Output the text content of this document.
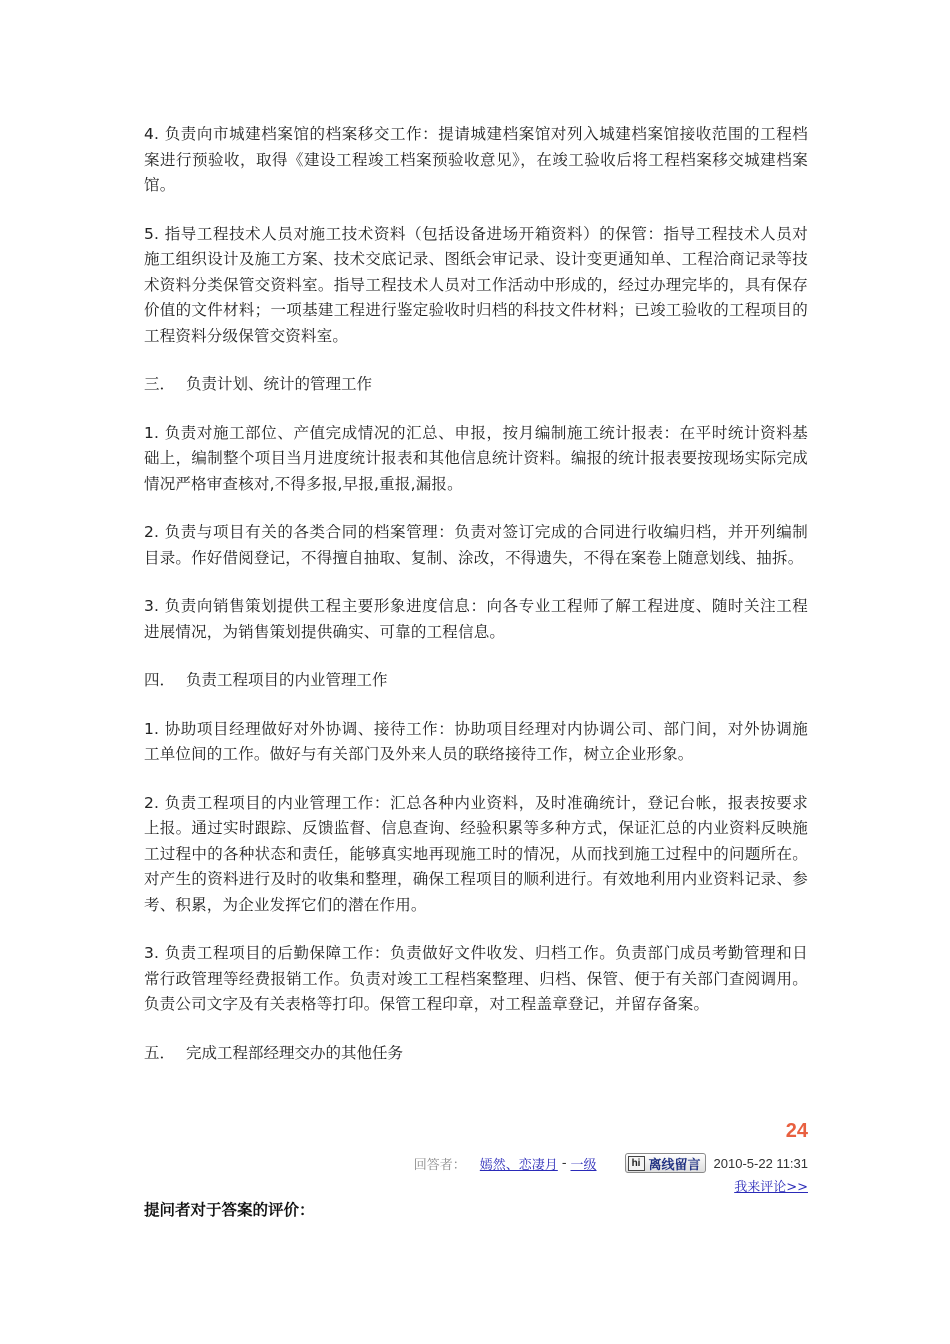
4. 负责向市城建档案馆的档案移交工作：提请城建档案馆对列入城建档案馆接收范围的工程档案进行预验收，取得《建设工程竣工档案预验收意见》，在竣工验收后将工程档案移交城建档案馆。

5. 指导工程技术人员对施工技术资料（包括设备进场开箱资料）的保管：指导工程技术人员对施工组织设计及施工方案、技术交底记录、图纸会审记录、设计变更通知单、工程洽商记录等技术资料分类保管交资料室。指导工程技术人员对工作活动中形成的，经过办理完毕的，具有保存价值的文件材料；一项基建工程进行鉴定验收时归档的科技文件材料；已竣工验收的工程项目的工程资料分级保管交资料室。

三． 负责计划、统计的管理工作

1. 负责对施工部位、产值完成情况的汇总、申报，按月编制施工统计报表：在平时统计资料基础上，编制整个项目当月进度统计报表和其他信息统计资料。编报的统计报表要按现场实际完成情况严格审查核对,不得多报,早报,重报,漏报。

2. 负责与项目有关的各类合同的档案管理：负责对签订完成的合同进行收编归档，并开列编制目录。作好借阅登记，不得擅自抽取、复制、涂改，不得遗失，不得在案卷上随意划线、抽拆。

3. 负责向销售策划提供工程主要形象进度信息：向各专业工程师了解工程进度、随时关注工程进展情况，为销售策划提供确实、可靠的工程信息。

四． 负责工程项目的内业管理工作

1. 协助项目经理做好对外协调、接待工作：协助项目经理对内协调公司、部门间，对外协调施工单位间的工作。做好与有关部门及外来人员的联络接待工作，树立企业形象。

2. 负责工程项目的内业管理工作：汇总各种内业资料，及时准确统计，登记台帐，报表按要求上报。通过实时跟踪、反馈监督、信息查询、经验积累等多种方式，保证汇总的内业资料反映施工过程中的各种状态和责任，能够真实地再现施工时的情况，从而找到施工过程中的问题所在。对产生的资料进行及时的收集和整理，确保工程项目的顺利进行。有效地利用内业资料记录、参考、积累，为企业发挥它们的潜在作用。

3. 负责工程项目的后勤保障工作：负责做好文件收发、归档工作。负责部门成员考勤管理和日常行政管理等经费报销工作。负责对竣工工程档案整理、归档、保管、便于有关部门查阅调用。负责公司文字及有关表格等打印。保管工程印章，对工程盖章登记，并留存备案。

五． 完成工程部经理交办的其他任务
24
回答者： 嫣然、恋凄月 - 一级	hi 离线留言 2010-5-22 11:31
我来评论>>
提问者对于答案的评价：
